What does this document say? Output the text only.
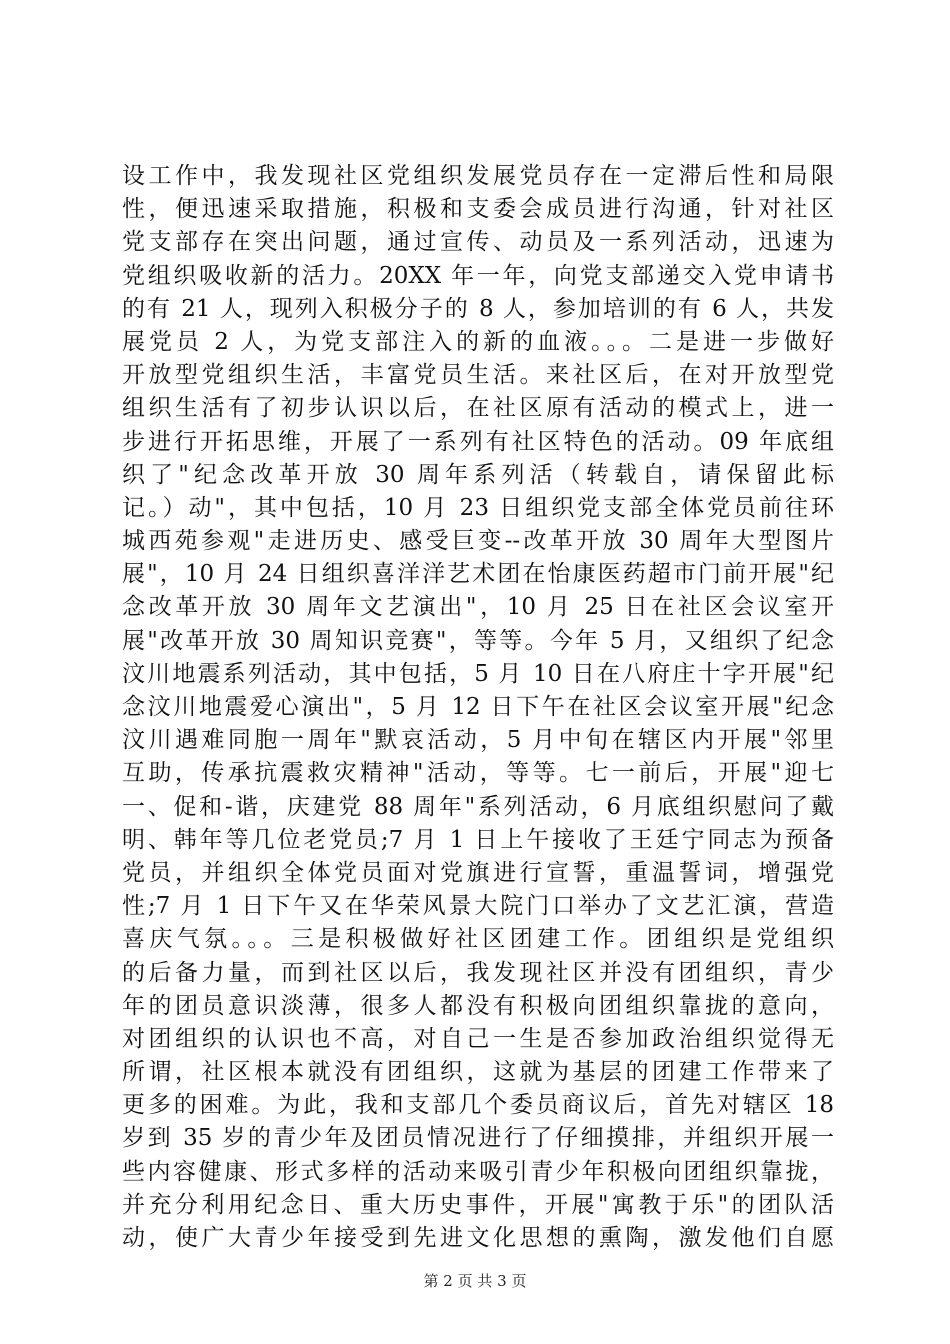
设工作中，我发现社区党组织发展党员存在一定滞后性和局限
性，便迅速采取措施，积极和支委会成员进行沟通，针对社区
党支部存在突出问题，通过宣传、动员及一系列活动，迅速为
党组织吸收新的活力。20XX 年一年，向党支部递交入党申请书
的有 21 人，现列入积极分子的 8 人，参加培训的有 6 人，共发
展党员 2 人，为党支部注入的新的血液。。。二是进一步做好
开放型党组织生活，丰富党员生活。来社区后，在对开放型党
组织生活有了初步认识以后，在社区原有活动的模式上，进一
步进行开拓思维，开展了一系列有社区特色的活动。09 年底组
织了"纪念改革开放 30 周年系列活（转载自，请保留此标
记。）动"，其中包括，10 月 23 日组织党支部全体党员前往环
城西苑参观"走进历史、感受巨变--改革开放 30 周年大型图片
展"，10 月 24 日组织喜洋洋艺术团在怡康医药超市门前开展"纪
念改革开放 30 周年文艺演出"，10 月 25 日在社区会议室开
展"改革开放 30 周知识竞赛"，等等。今年 5 月，又组织了纪念
汶川地震系列活动，其中包括，5 月 10 日在八府庄十字开展"纪
念汶川地震爱心演出"，5 月 12 日下午在社区会议室开展"纪念
汶川遇难同胞一周年"默哀活动，5 月中旬在辖区内开展"邻里
互助，传承抗震救灾精神"活动，等等。七一前后，开展"迎七
一、促和-谐，庆建党 88 周年"系列活动，6 月底组织慰问了戴
明、韩年等几位老党员;7 月 1 日上午接收了王廷宁同志为预备
党员，并组织全体党员面对党旗进行宣誓，重温誓词，增强党
性;7 月 1 日下午又在华荣风景大院门口举办了文艺汇演，营造
喜庆气氛。。。三是积极做好社区团建工作。团组织是党组织
的后备力量，而到社区以后，我发现社区并没有团组织，青少
年的团员意识淡薄，很多人都没有积极向团组织靠拢的意向，
对团组织的认识也不高，对自己一生是否参加政治组织觉得无
所谓，社区根本就没有团组织，这就为基层的团建工作带来了
更多的困难。为此，我和支部几个委员商议后，首先对辖区 18
岁到 35 岁的青少年及团员情况进行了仔细摸排，并组织开展一
些内容健康、形式多样的活动来吸引青少年积极向团组织靠拢，
并充分利用纪念日、重大历史事件，开展"寓教于乐"的团队活
动，使广大青少年接受到先进文化思想的熏陶，激发他们自愿
第 2 页 共 3 页
